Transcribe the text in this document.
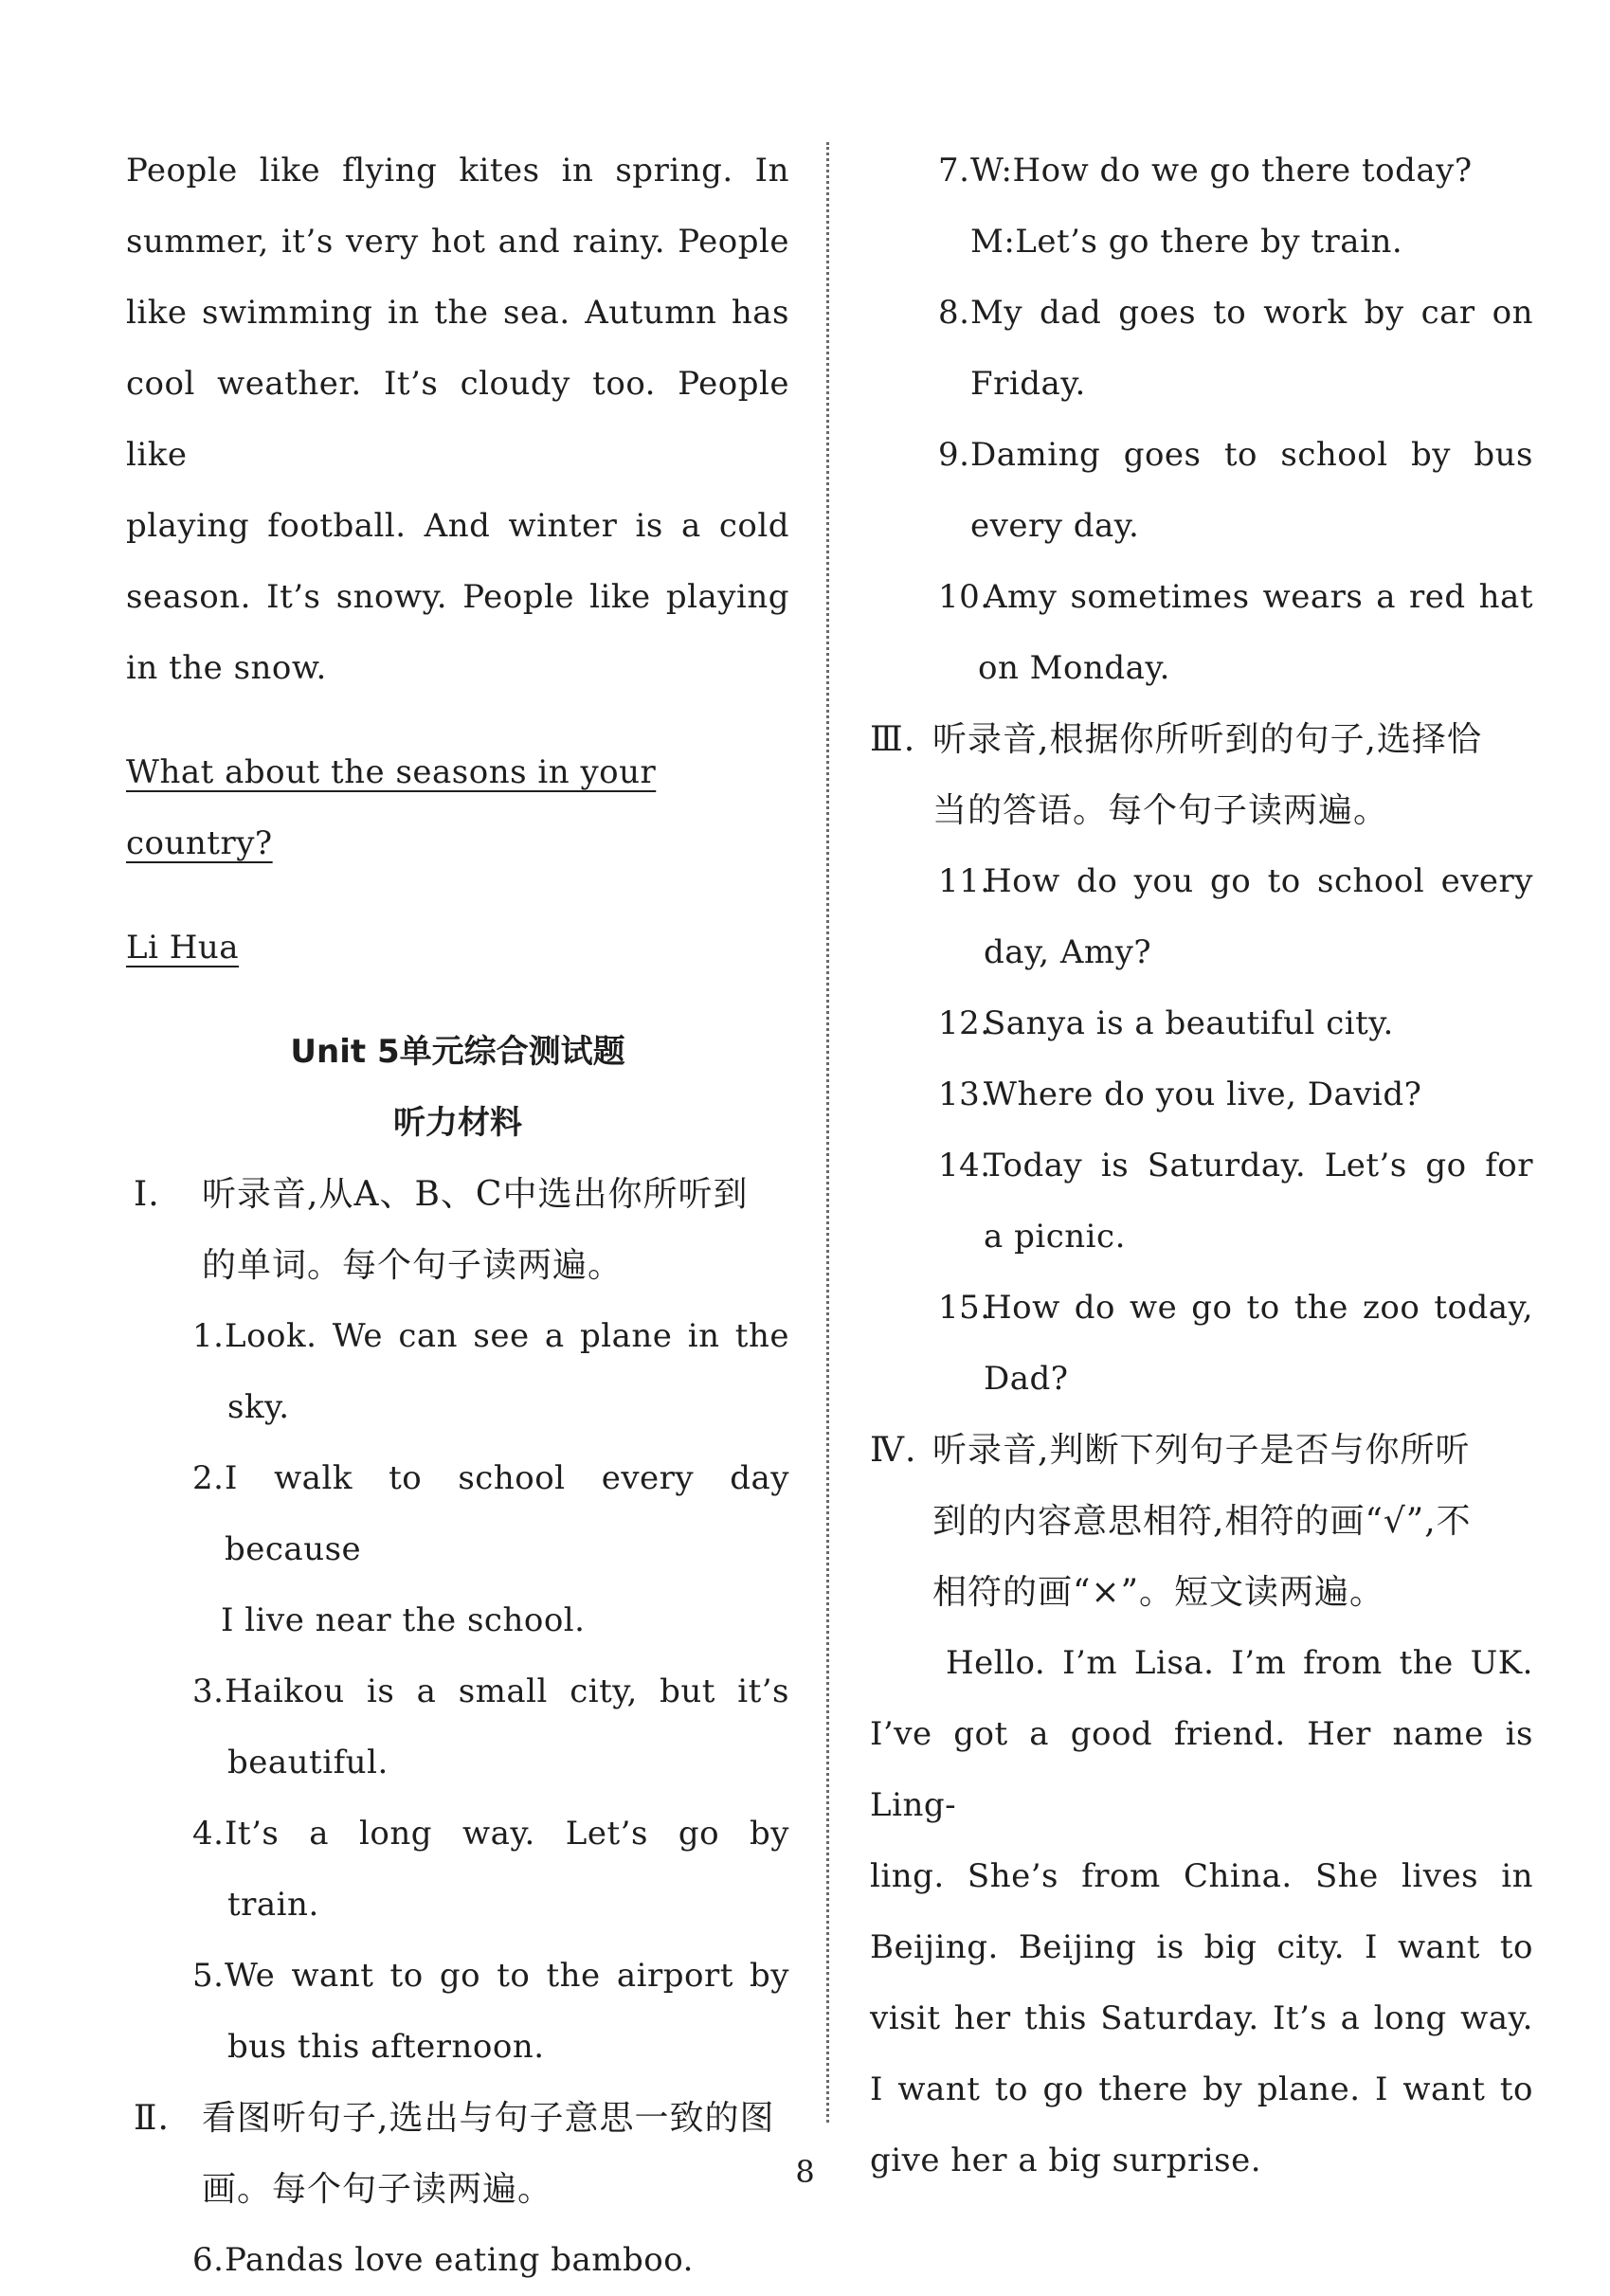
People like flying kites in spring. In
summer, it’s very hot and rainy. People
like swimming in the sea. Autumn has
cool weather. It’s cloudy too. People like
playing football. And winter is a cold
season. It’s snowy. People like playing
in the snow.
What about the seasons in your country?
Li Hua
Unit 5单元综合测试题
听力材料
Ⅰ. 听录音,从A、B、C中选出你所听到
的单词。每个句子读两遍。
1. Look. We can see a plane in the
sky.
2. I walk to school every day because
I live near the school.
3. Haikou is a small city, but it’s
beautiful.
4. It’s a long way. Let’s go by
train.
5. We want to go to the airport by
bus this afternoon.
Ⅱ. 看图听句子,选出与句子意思一致的图
画。每个句子读两遍。
6. Pandas love eating bamboo.
7. W:How do we go there today?
M:Let’s go there by train.
8. My dad goes to work by car on
Friday.
9. Daming goes to school by bus
every day.
10.
Amy sometimes wears a red hat
on Monday.
Ⅲ. 听录音,根据你所听到的句子,选择恰
当的答语。每个句子读两遍。
11.
How do you go to school every
day, Amy?
12.
Sanya is a beautiful city.
13.
Where do you live, David?
14.
Today is Saturday. Let’s go for
a picnic.
15.
How do we go to the zoo today,
Dad?
Ⅳ. 听录音,判断下列句子是否与你所听
到的内容意思相符,相符的画“√”,不
相符的画“×”。短文读两遍。
Hello. I’m Lisa. I’m from the UK.
I’ve got a good friend. Her name is Ling-
ling. She’s from China. She lives in
Beijing. Beijing is big city. I want to
visit her this Saturday. It’s a long way.
I want to go there by plane. I want to
give her a big surprise.
8
